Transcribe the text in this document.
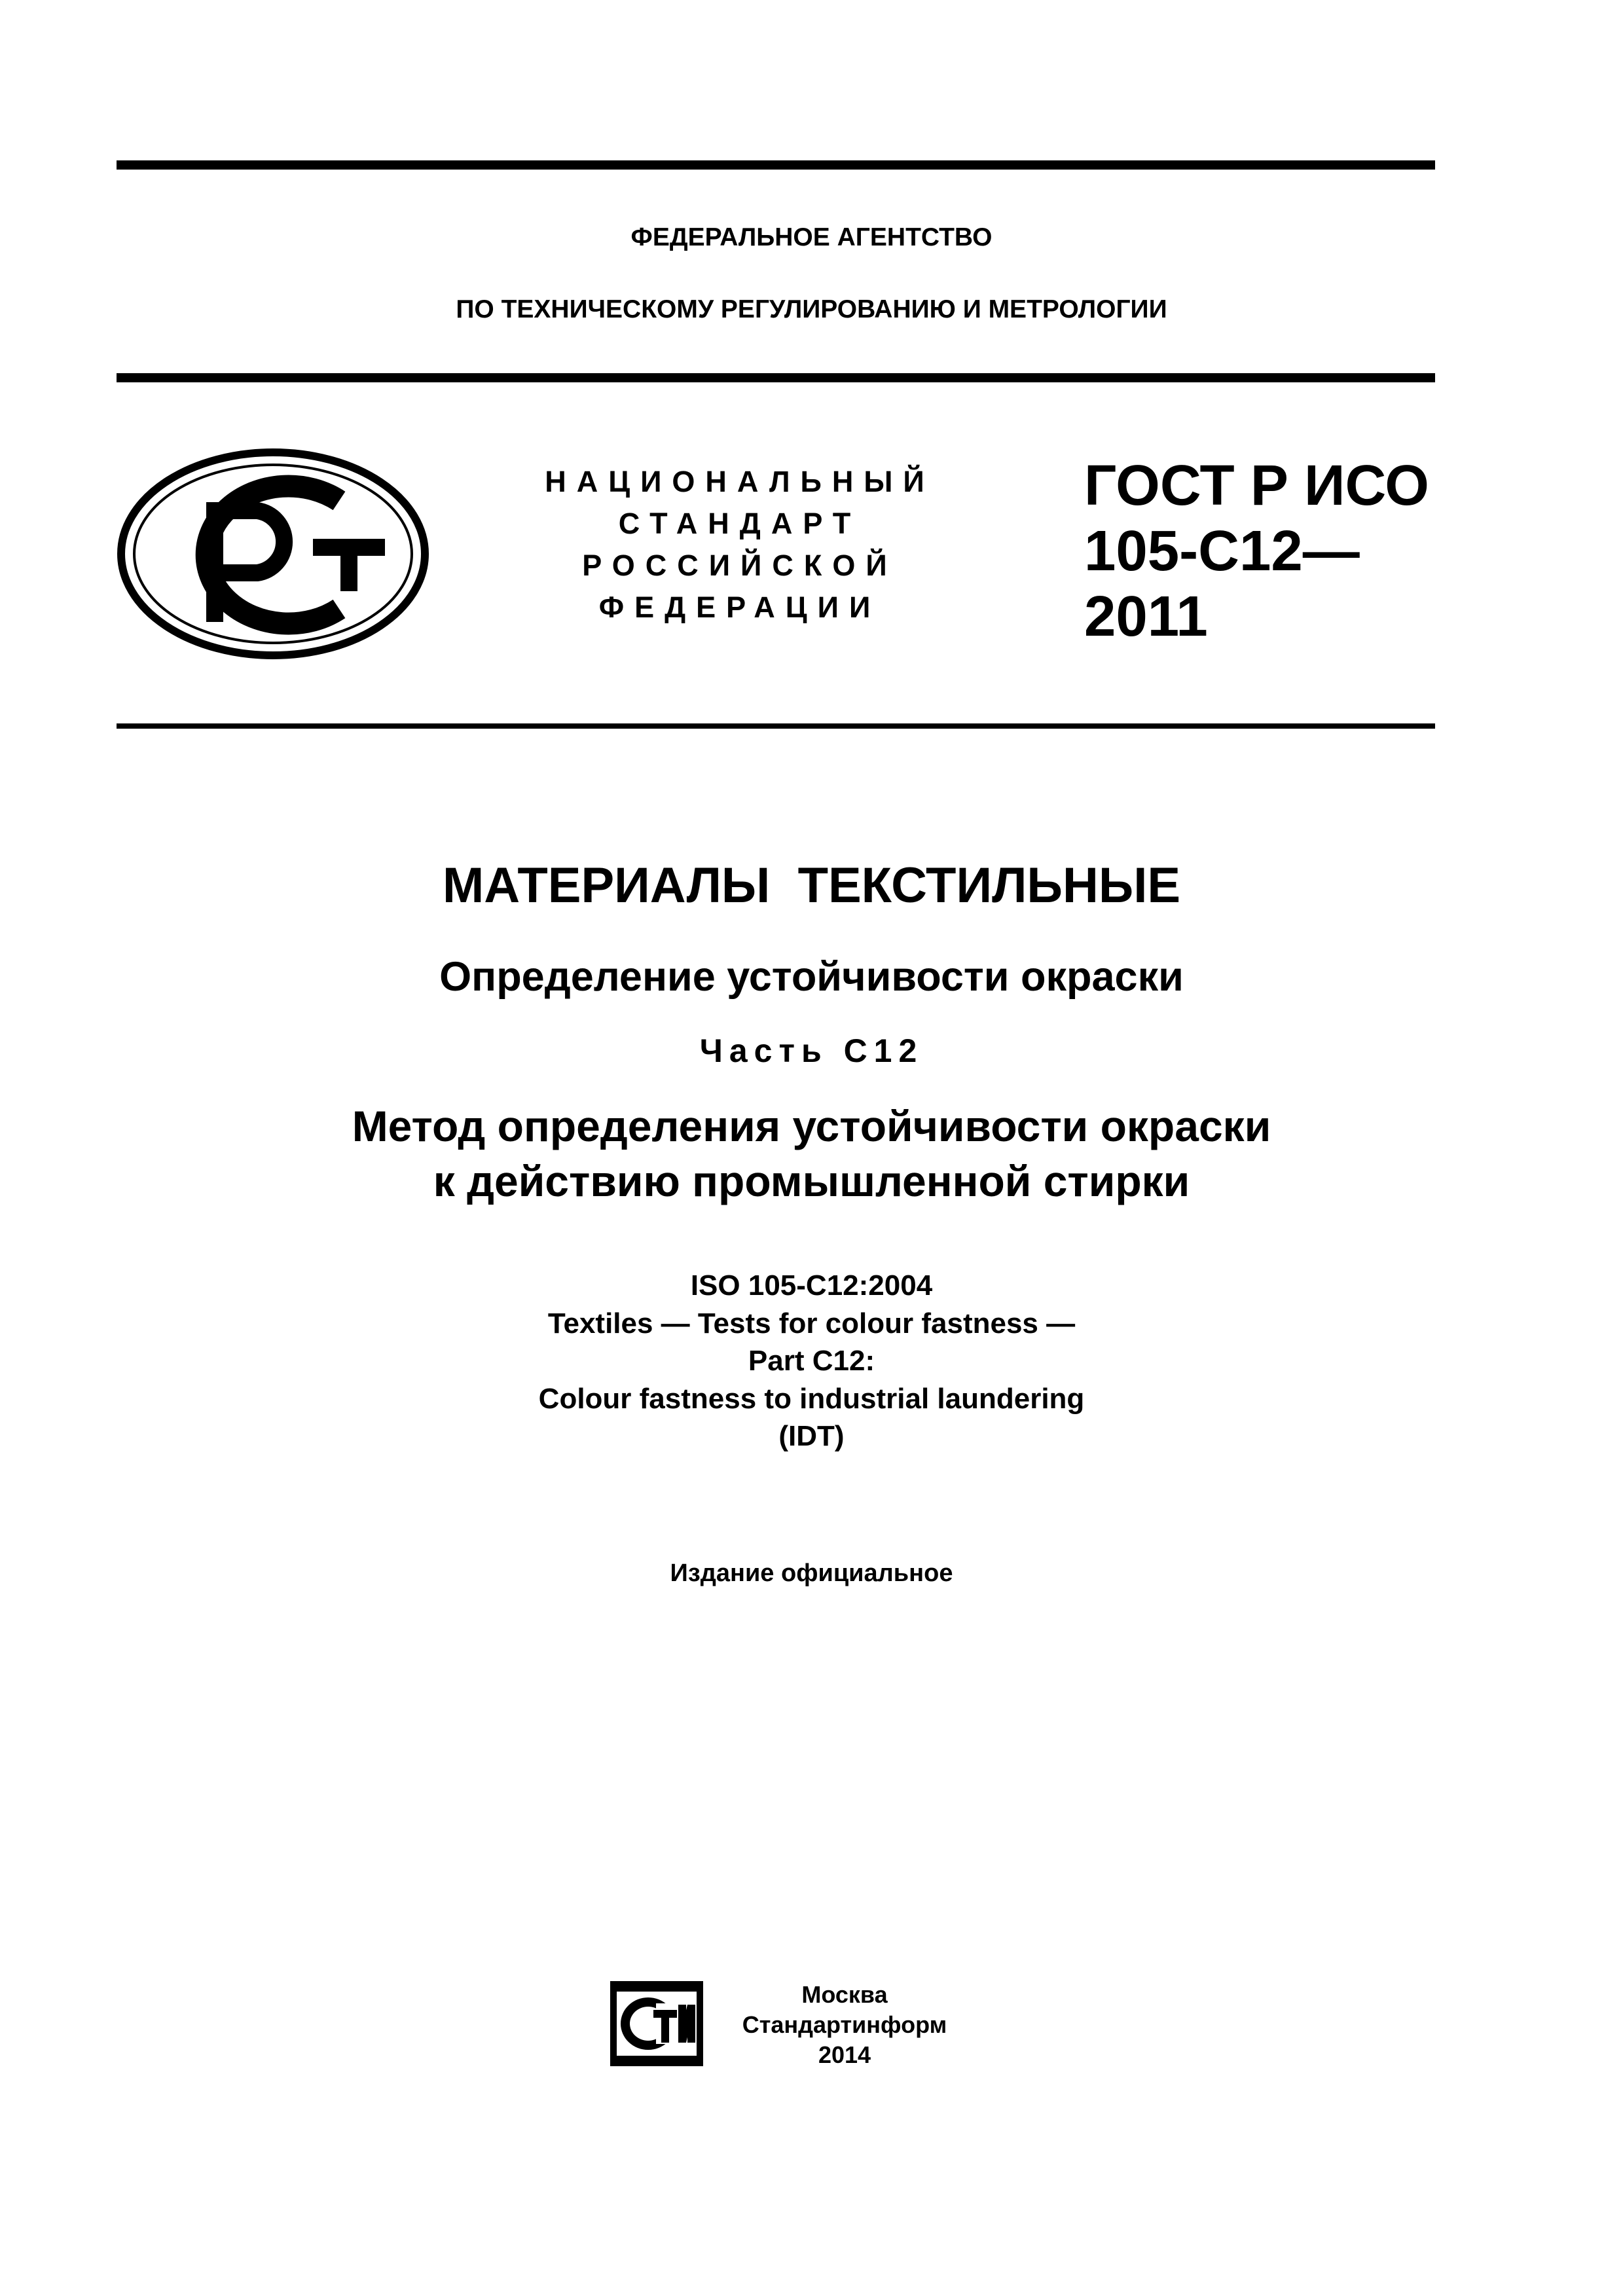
ФЕДЕРАЛЬНОЕ АГЕНТСТВО
ПО ТЕХНИЧЕСКОМУ РЕГУЛИРОВАНИЮ И МЕТРОЛОГИИ
НАЦИОНАЛЬНЫЙ
СТАНДАРТ
РОССИЙСКОЙ
ФЕДЕРАЦИИ
ГОСТ Р ИСО
105-C12—
2011
МАТЕРИАЛЫ  ТЕКСТИЛЬНЫЕ
Определение устойчивости окраски
Часть C12
Метод определения устойчивости окраски
к действию промышленной стирки
ISO 105-C12:2004
Textiles — Tests for colour fastness —
Part C12:
Colour fastness to industrial laundering
(IDT)
Издание официальное
Москва
Стандартинформ
2014
